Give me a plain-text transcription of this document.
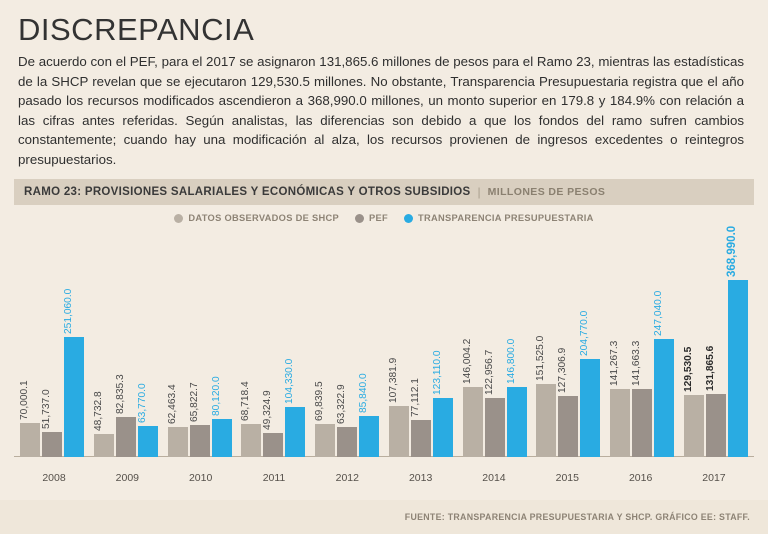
DISCREPANCIA
De acuerdo con el PEF, para el 2017 se asignaron 131,865.6 millones de pesos para el Ramo 23, mientras las estadísticas de la SHCP revelan que se ejecutaron 129,530.5 millones. No obstante, Transparencia Presupuestaria registra que el año pasado los recursos modificados ascendieron a 368,990.0 millones, un monto superior en 179.8 y 184.9% con relación a las cifras antes referidas. Según analistas, las diferencias son debido a que los fondos del ramo sufren cambios constantemente; cuando hay una modificación al alza, los recursos provienen de ingresos excedentes o reintegros presupuestarios.
RAMO 23: PROVISIONES SALARIALES Y ECONÓMICAS Y OTROS SUBSIDIOS | MILLONES DE PESOS
DATOS OBSERVADOS DE SHCP	PEF	TRANSPARENCIA PRESUPUESTARIA
70,000.1 51,737.0
251,060.0
48,732.8 82,835.3 63,770.0 62,463.4 65,822.7 80,120.0 68,718.4 49,324.9
104,330.0 69,839.5 63,322.9 85,840.0 107,381.9 77,112.1
123,110.0 146,004.2 122,956.7 146,800.0 151,525.0 127,306.9
204,770.0
141,267.3 141,663.3
247,040.0
129,530.5 131,865.6
368,990.0
2008	2009	2010	2011	2012	2013	2014	2015	2016	2017
FUENTE: TRANSPARENCIA PRESUPUESTARIA Y SHCP. GRÁFICO EE: STAFF.
